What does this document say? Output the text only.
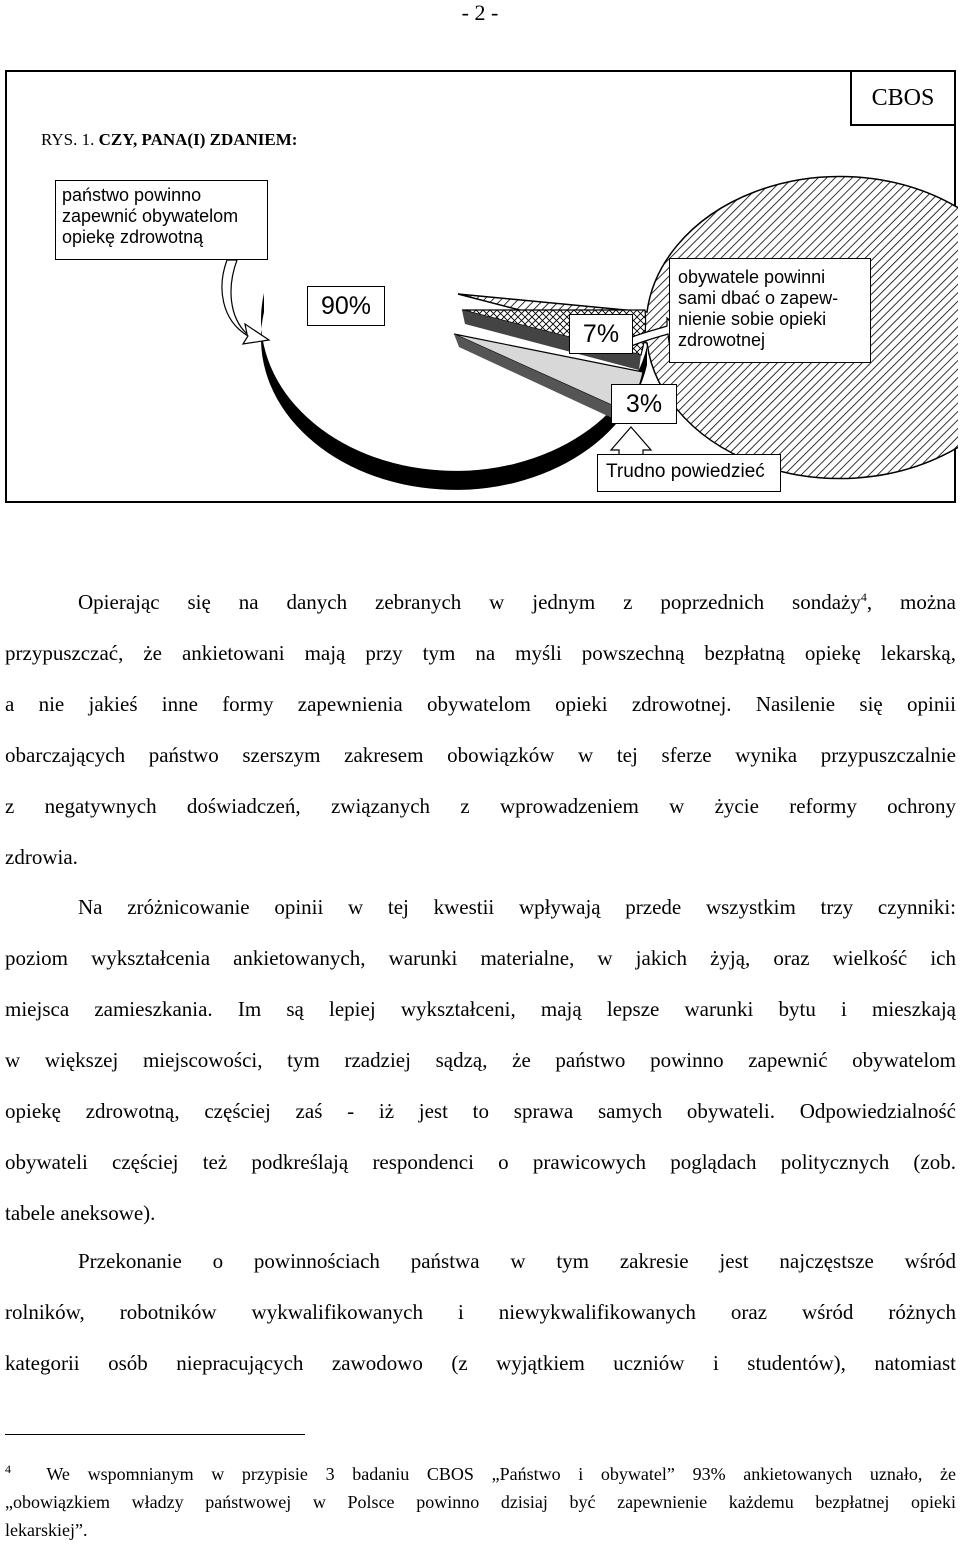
- 2 -
CBOS
RYS. 1. CZY, PANA(I) ZDANIEM:
państwo powinno
zapewnić obywatelom
opiekę zdrowotną
obywatele powinni
sami dbać o zapew-
nienie sobie opieki
zdrowotnej
Trudno powiedzieć
90%
7%
3%
Opierając się na danych zebranych w jednym z poprzednich sondaży$^4$, można
przypuszczać, że ankietowani mają przy tym na myśli powszechną bezpłatną opiekę lekarską,
a nie jakieś inne formy zapewnienia obywatelom opieki zdrowotnej. Nasilenie się opinii
obarczających państwo szerszym zakresem obowiązków w tej sferze wynika przypuszczalnie
z negatywnych doświadczeń, związanych z wprowadzeniem w życie reformy ochrony
zdrowia.
Na zróżnicowanie opinii w tej kwestii wpływają przede wszystkim trzy czynniki:
poziom wykształcenia ankietowanych, warunki materialne, w jakich żyją, oraz wielkość ich
miejsca zamieszkania. Im są lepiej wykształceni, mają lepsze warunki bytu i mieszkają
w większej miejscowości, tym rzadziej sądzą, że państwo powinno zapewnić obywatelom
opiekę zdrowotną, częściej zaś - iż jest to sprawa samych obywateli. Odpowiedzialność
obywateli częściej też podkreślają respondenci o prawicowych poglądach politycznych (zob.
tabele aneksowe).
Przekonanie o powinnościach państwa w tym zakresie jest najczęstsze wśród
rolników, robotników wykwalifikowanych i niewykwalifikowanych oraz wśród różnych
kategorii osób niepracujących zawodowo (z wyjątkiem uczniów i studentów), natomiast
$^4$ We wspomnianym w przypisie 3 badaniu CBOS „Państwo i obywatel” 93% ankietowanych uznało, że
„obowiązkiem władzy państwowej w Polsce powinno dzisiaj być zapewnienie każdemu bezpłatnej opieki
lekarskiej”.
